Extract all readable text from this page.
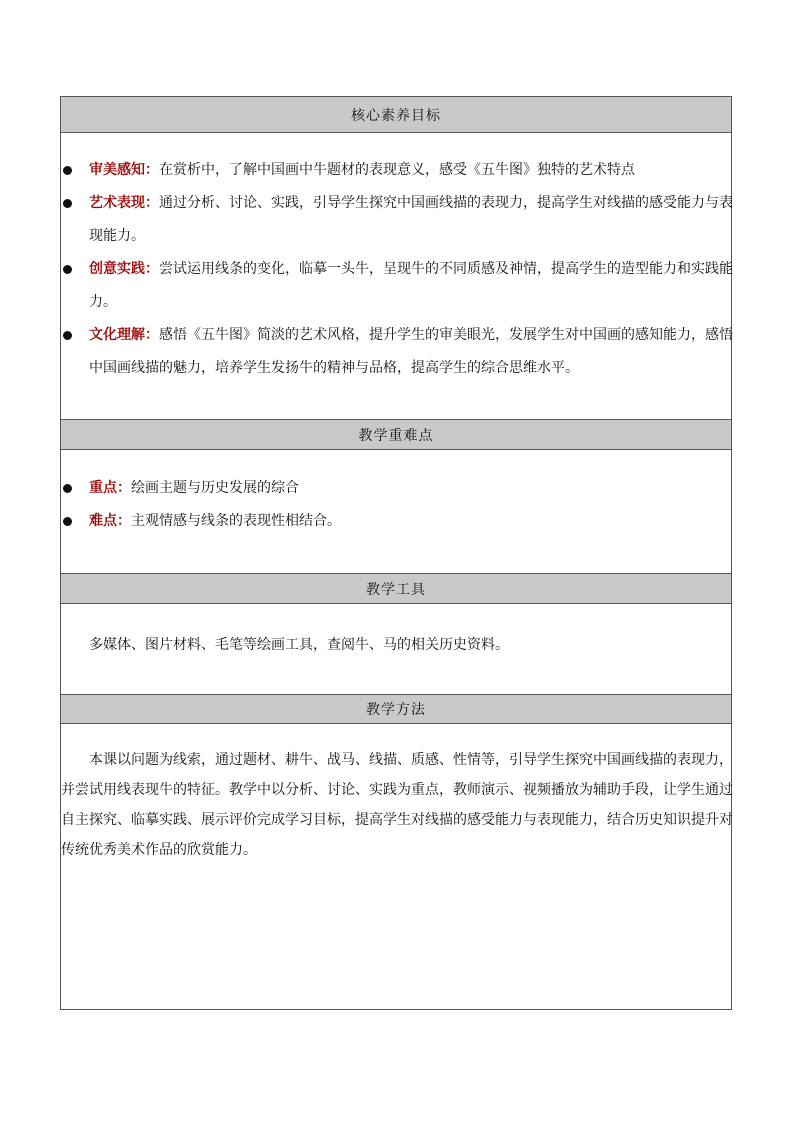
核心素养目标
审美感知：在赏析中，了解中国画中牛题材的表现意义，感受《五牛图》独特的艺术特点
艺术表现：通过分析、讨论、实践，引导学生探究中国画线描的表现力，提高学生对线描的感受能力与表现能力。
创意实践：尝试运用线条的变化，临摹一头牛，呈现牛的不同质感及神情，提高学生的造型能力和实践能力。
文化理解：感悟《五牛图》简淡的艺术风格，提升学生的审美眼光，发展学生对中国画的感知能力，感悟中国画线描的魅力，培养学生发扬牛的精神与品格，提高学生的综合思维水平。
教学重难点
重点：绘画主题与历史发展的综合
难点：主观情感与线条的表现性相结合。
教学工具
多媒体、图片材料、毛笔等绘画工具，查阅牛、马的相关历史资料。
教学方法
本课以问题为线索，通过题材、耕牛、战马、线描、质感、性情等，引导学生探究中国画线描的表现力，并尝试用线表现牛的特征。教学中以分析、讨论、实践为重点，教师演示、视频播放为辅助手段，让学生通过自主探究、临摹实践、展示评价完成学习目标，提高学生对线描的感受能力与表现能力，结合历史知识提升对传统优秀美术作品的欣赏能力。
